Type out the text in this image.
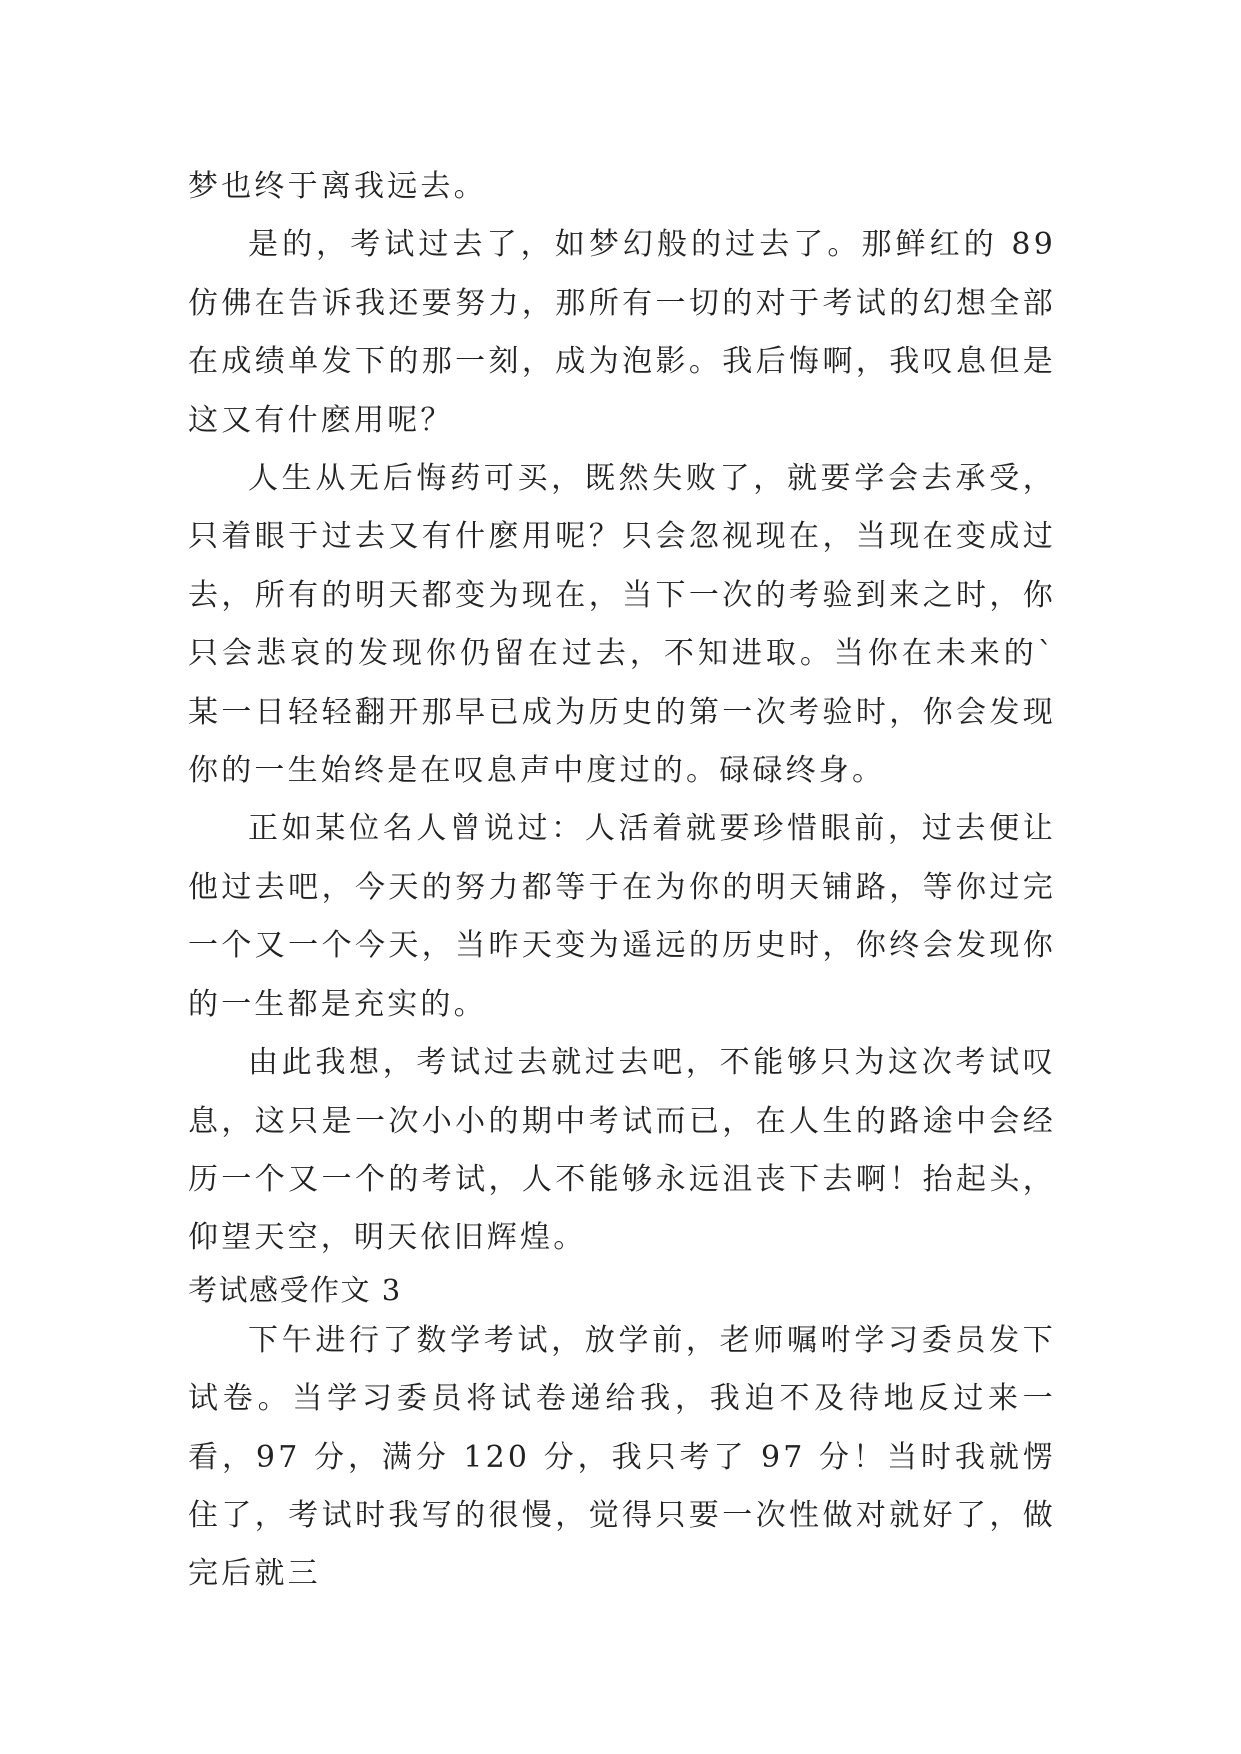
梦也终于离我远去。

是的，考试过去了，如梦幻般的过去了。那鲜红的 89 仿佛在告诉我还要努力，那所有一切的对于考试的幻想全部在成绩单发下的那一刻，成为泡影。我后悔啊，我叹息但是这又有什麽用呢？

人生从无后悔药可买，既然失败了，就要学会去承受，只着眼于过去又有什麽用呢？只会忽视现在，当现在变成过去，所有的明天都变为现在，当下一次的考验到来之时，你只会悲哀的发现你仍留在过去，不知进取。当你在未来的`某一日轻轻翻开那早已成为历史的第一次考验时，你会发现你的一生始终是在叹息声中度过的。碌碌终身。

正如某位名人曾说过：人活着就要珍惜眼前，过去便让他过去吧，今天的努力都等于在为你的明天铺路，等你过完一个又一个今天，当昨天变为遥远的历史时，你终会发现你的一生都是充实的。

由此我想，考试过去就过去吧，不能够只为这次考试叹息，这只是一次小小的期中考试而已，在人生的路途中会经历一个又一个的考试，人不能够永远沮丧下去啊！抬起头，仰望天空，明天依旧辉煌。

考试感受作文 3

下午进行了数学考试，放学前，老师嘱咐学习委员发下试卷。当学习委员将试卷递给我，我迫不及待地反过来一看，97 分，满分 120 分，我只考了 97 分！当时我就愣住了，考试时我写的很慢，觉得只要一次性做对就好了，做完后就三
